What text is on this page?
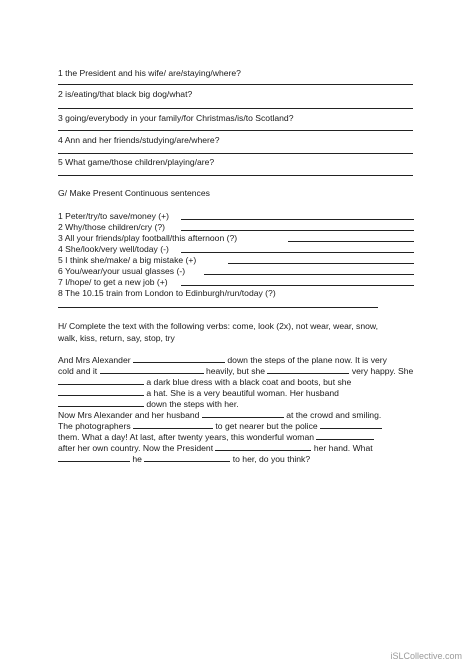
1 the President and his wife/ are/staying/where?
2 is/eating/that black big dog/what?
3 going/everybody in your family/for Christmas/is/to Scotland?
4 Ann and her friends/studying/are/where?
5 What game/those children/playing/are?
G/ Make Present Continuous sentences
1 Peter/try/to save/money (+)
2 Why/those children/cry (?)
3 All your friends/play football/this afternoon (?)
4 She/look/very well/today (-)
5 I think she/make/ a big mistake (+)
6 You/wear/your usual glasses (-)
7 I/hope/ to get a new job (+)
8 The 10.15 train from London to Edinburgh/run/today (?)
H/ Complete the text with the following verbs: come, look (2x), not wear, wear, snow,
walk, kiss, return, say, stop, try
And Mrs Alexander	down the steps of the plane now. It is very
cold and it	heavily, but she	very happy. She
a dark blue dress with a black coat and boots, but she
a hat. She is a very beautiful woman. Her husband
down the steps with her.
Now Mrs Alexander and her husband	at the crowd and smiling.
The photographers	to get nearer but the police
them. What a day! At last, after twenty years, this wonderful woman
after her own country. Now the President	her hand. What
he	to her, do you think?
iSLCollective.com
